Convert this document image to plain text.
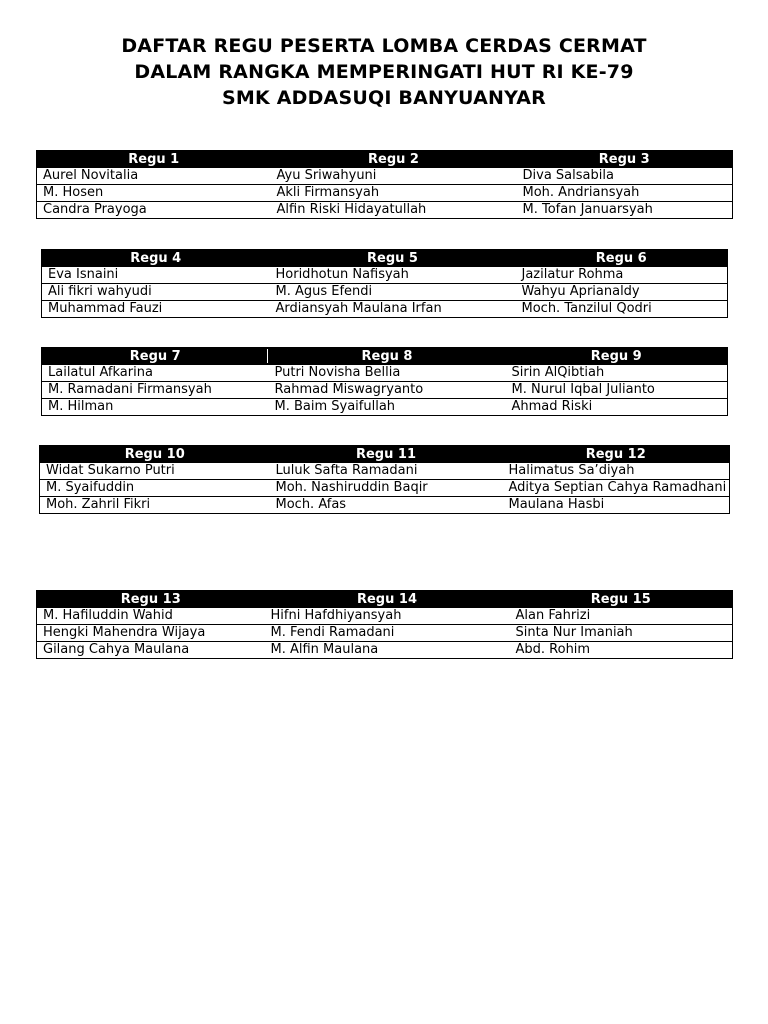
DAFTAR REGU PESERTA LOMBA CERDAS CERMAT
DALAM RANGKA MEMPERINGATI HUT RI KE-79
SMK ADDASUQI BANYUANYAR
Regu 1	Regu 2	Regu 3
Aurel Novitalia	Ayu Sriwahyuni	Diva Salsabila
M. Hosen	Akli Firmansyah	Moh. Andriansyah
Candra Prayoga	Alfin Riski Hidayatullah	M. Tofan Januarsyah
Regu 4	Regu 5	Regu 6
Eva Isnaini	Horidhotun Nafisyah	Jazilatur Rohma
Ali fikri wahyudi	M. Agus Efendi	Wahyu Aprianaldy
Muhammad Fauzi	Ardiansyah Maulana Irfan	Moch. Tanzilul Qodri
Regu 7	Regu 8	Regu 9
Lailatul Afkarina	Putri Novisha Bellia	Sirin AlQibtiah
M. Ramadani Firmansyah	Rahmad Miswagryanto	M. Nurul Iqbal Julianto
M. Hilman	M. Baim Syaifullah	Ahmad Riski
Regu 10	Regu 11	Regu 12
Widat Sukarno Putri	Luluk Safta Ramadani	Halimatus Sa’diyah
M. Syaifuddin	Moh. Nashiruddin Baqir	Aditya Septian Cahya Ramadhani
Moh. Zahril Fikri	Moch. Afas	Maulana Hasbi
Regu 13	Regu 14	Regu 15
M. Hafiluddin Wahid	Hifni Hafdhiyansyah	Alan Fahrizi
Hengki Mahendra Wijaya	M. Fendi Ramadani	Sinta Nur Imaniah
Gilang Cahya Maulana	M. Alfin Maulana	Abd. Rohim
